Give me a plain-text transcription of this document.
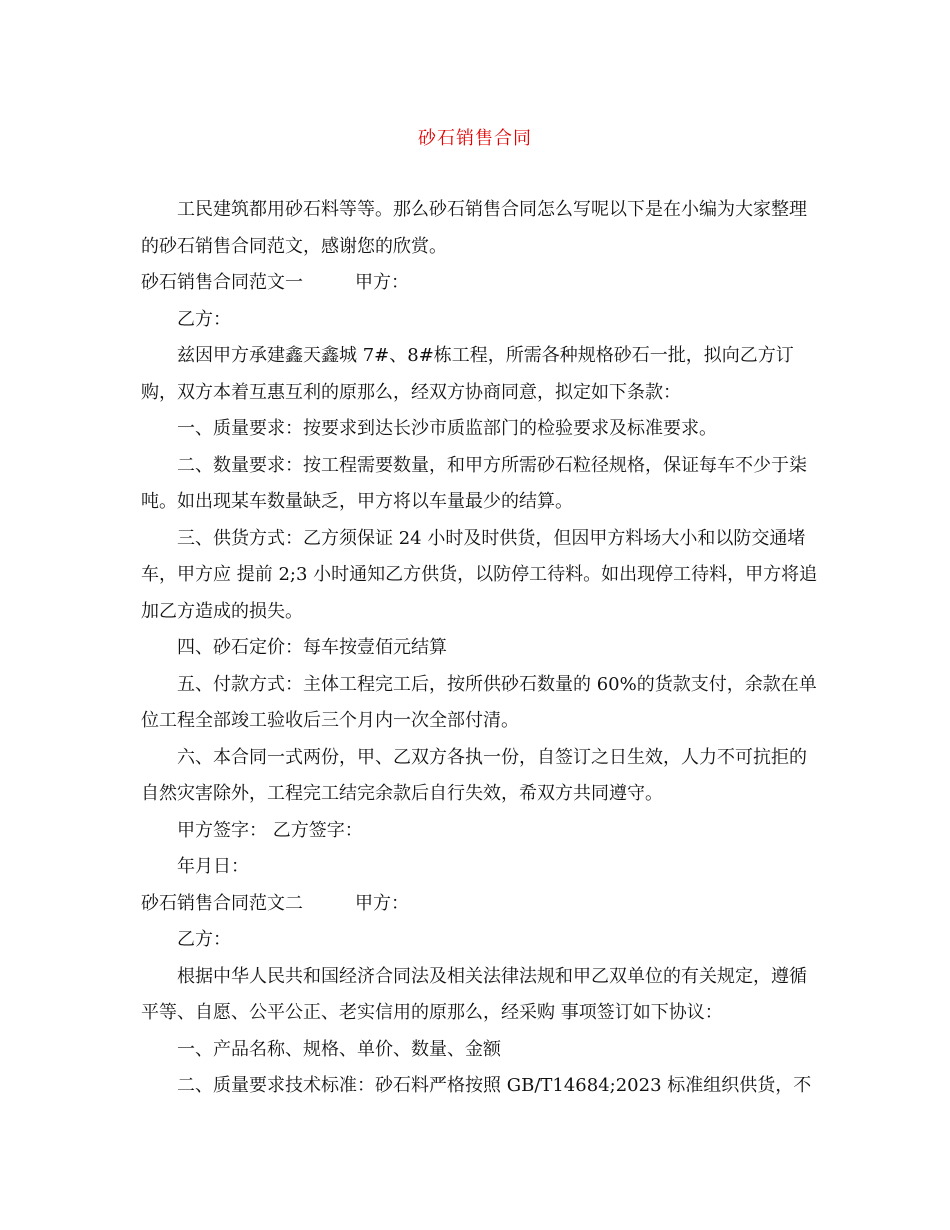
砂石销售合同

工民建筑都用砂石料等等。那么砂石销售合同怎么写呢以下是在小编为大家整理的砂石销售合同范文，感谢您的欣赏。

砂石销售合同范文一	甲方：

乙方：

兹因甲方承建鑫天鑫城 7#、8#栋工程，所需各种规格砂石一批，拟向乙方订购，双方本着互惠互利的原那么，经双方协商同意，拟定如下条款：

一、质量要求：按要求到达长沙市质监部门的检验要求及标准要求。

二、数量要求：按工程需要数量，和甲方所需砂石粒径规格，保证每车不少于柒吨。如出现某车数量缺乏，甲方将以车量最少的结算。

三、供货方式：乙方须保证 24 小时及时供货，但因甲方料场大小和以防交通堵车，甲方应 提前 2;3 小时通知乙方供货，以防停工待料。如出现停工待料，甲方将追加乙方造成的损失。

四、砂石定价：每车按壹佰元结算

五、付款方式：主体工程完工后，按所供砂石数量的 60%的货款支付，余款在单位工程全部竣工验收后三个月内一次全部付清。

六、本合同一式两份，甲、乙双方各执一份，自签订之日生效，人力不可抗拒的自然灾害除外，工程完工结完余款后自行失效，希双方共同遵守。

甲方签字： 乙方签字：

年月日：

砂石销售合同范文二	甲方：

乙方：

根据中华人民共和国经济合同法及相关法律法规和甲乙双单位的有关规定，遵循平等、自愿、公平公正、老实信用的原那么，经采购 事项签订如下协议：

一、产品名称、规格、单价、数量、金额

二、质量要求技术标准：砂石料严格按照 GB/T14684;2023 标准组织供货，不
